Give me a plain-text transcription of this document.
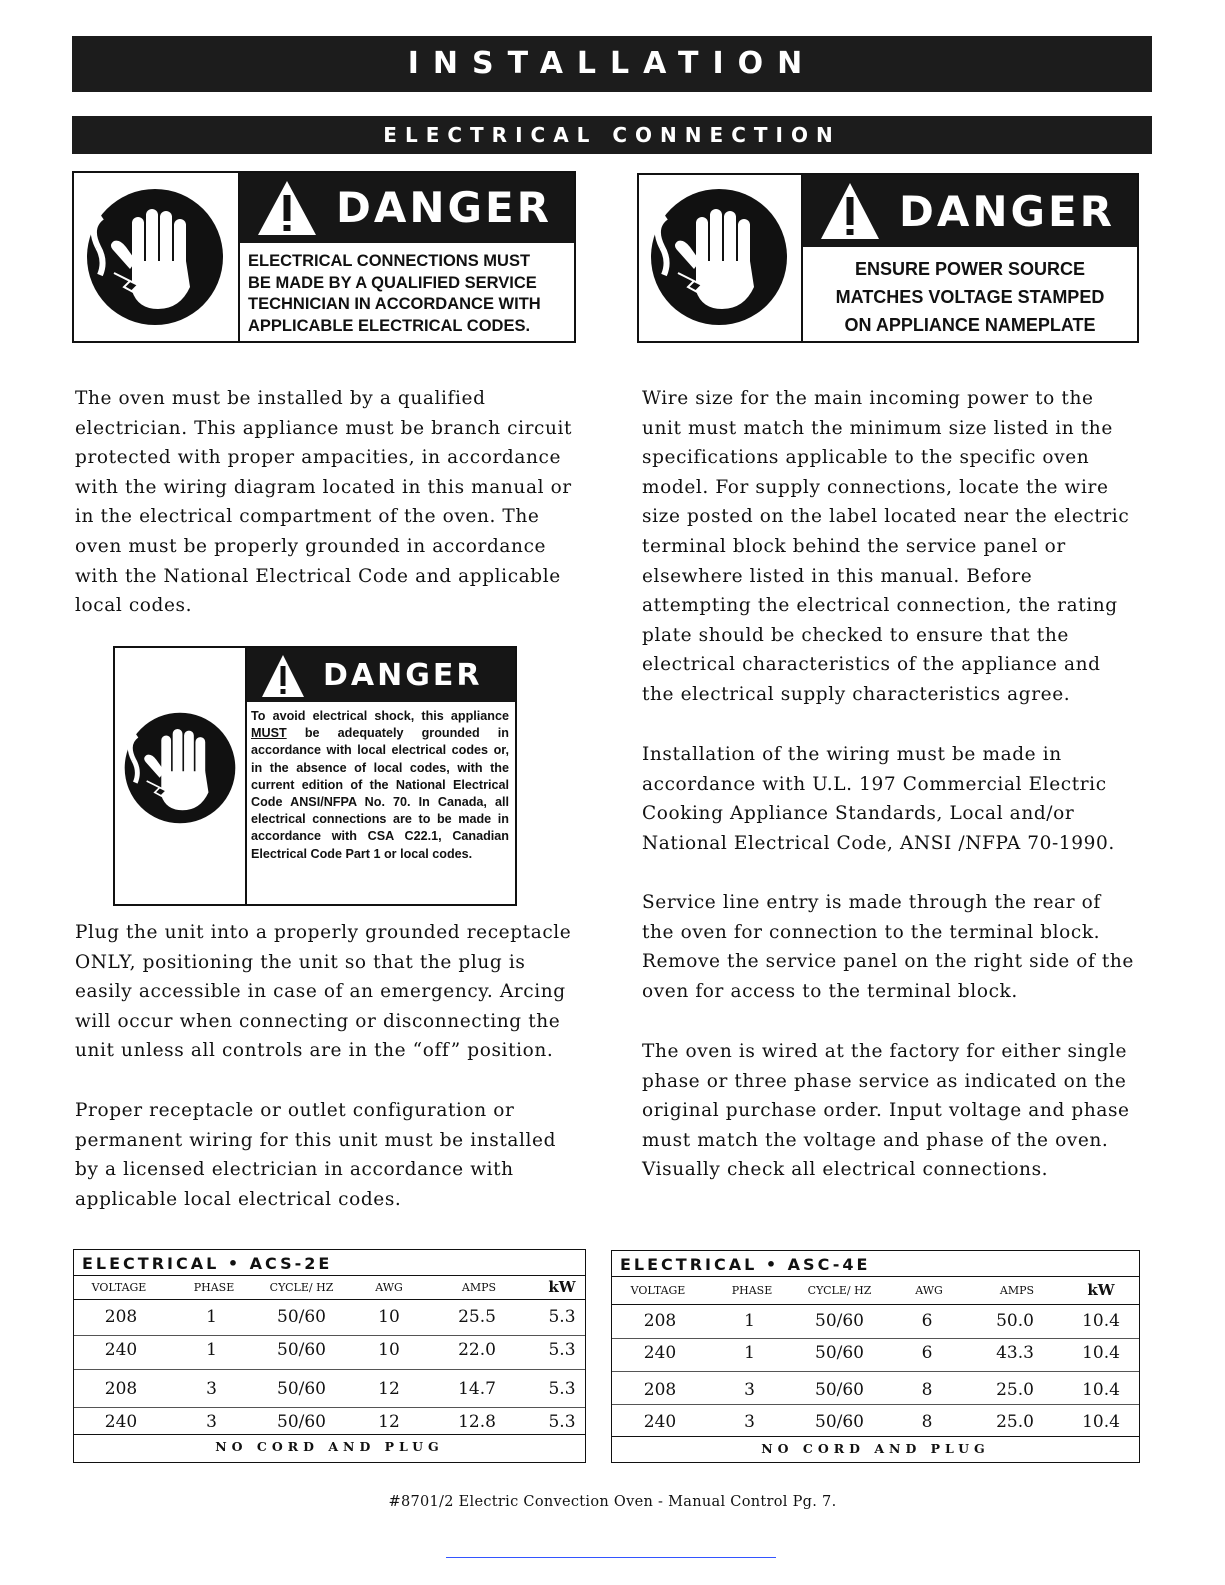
INSTALLATION
ELECTRICAL CONNECTION
DANGER
ELECTRICAL CONNECTIONS MUST
BE MADE BY A QUALIFIED SERVICE
TECHNICIAN IN ACCORDANCE WITH
APPLICABLE ELECTRICAL CODES.
DANGER
ENSURE POWER SOURCE
MATCHES VOLTAGE STAMPED
ON APPLIANCE NAMEPLATE

The oven must be installed by a qualified electrician. This appliance must be branch circuit protected with proper ampacities, in accordance with the wiring diagram located in this manual or in the electrical compartment of the oven. The oven must be properly grounded in accordance with the National Electrical Code and applicable local codes.

Wire size for the main incoming power to the unit must match the minimum size listed in the specifications applicable to the specific oven model. For supply connections, locate the wire size posted on the label located near the electric terminal block behind the service panel or elsewhere listed in this manual. Before attempting the electrical connection, the rating plate should be checked to ensure that the electrical characteristics of the appliance and the electrical supply characteristics agree.

DANGER
To avoid electrical shock, this appliance MUST be adequately grounded in accordance with local electrical codes or, in the absence of local codes, with the current edition of the National Electrical Code ANSI/NFPA No. 70. In Canada, all electrical connections are to be made in accordance with CSA C22.1, Canadian Electrical Code Part 1 or local codes.

Installation of the wiring must be made in accordance with U.L. 197 Commercial Electric Cooking Appliance Standards, Local and/or National Electrical Code, ANSI /NFPA 70-1990.

Plug the unit into a properly grounded receptacle ONLY, positioning the unit so that the plug is easily accessible in case of an emergency. Arcing will occur when connecting or disconnecting the unit unless all controls are in the “off” position.

Service line entry is made through the rear of the oven for connection to the terminal block. Remove the service panel on the right side of the oven for access to the terminal block.

Proper receptacle or outlet configuration or permanent wiring for this unit must be installed by a licensed electrician in accordance with applicable local electrical codes.

The oven is wired at the factory for either single phase or three phase service as indicated on the original purchase order. Input voltage and phase must match the voltage and phase of the oven. Visually check all electrical connections.

ELECTRICAL • ACS-2E
VOLTAGE	PHASE	CYCLE/ HZ	AWG	AMPS	kW
208	1	50/60	10	25.5	5.3
240	1	50/60	10	22.0	5.3
208	3	50/60	12	14.7	5.3
240	3	50/60	12	12.8	5.3
NO CORD AND PLUG
ELECTRICAL • ASC-4E
VOLTAGE	PHASE	CYCLE/ HZ	AWG	AMPS	kW
208	1	50/60	6	50.0	10.4
240	1	50/60	6	43.3	10.4
208	3	50/60	8	25.0	10.4
240	3	50/60	8	25.0	10.4
NO CORD AND PLUG
#8701/2 Electric Convection Oven - Manual Control Pg. 7.
